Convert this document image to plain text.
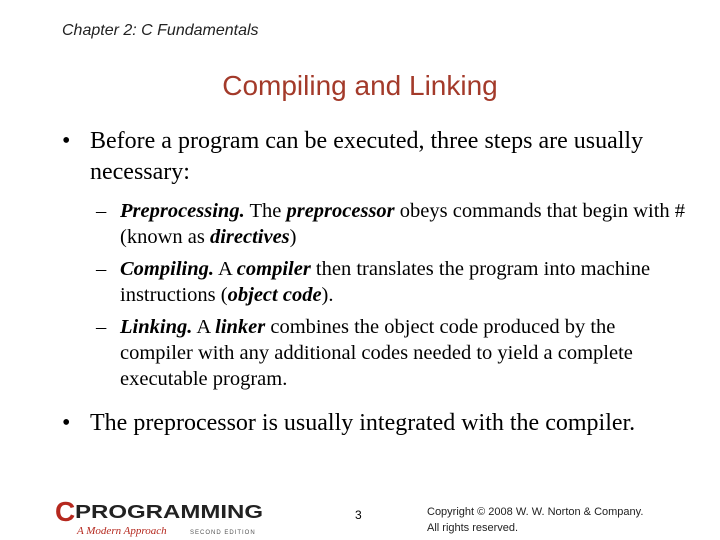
Chapter 2: C Fundamentals
Compiling and Linking
• Before a program can be executed, three steps are usually necessary:
– Preprocessing. The preprocessor obeys commands that begin with # (known as directives)
– Compiling. A compiler then translates the program into machine instructions (object code).
– Linking. A linker combines the object code produced by the compiler with any additional codes needed to yield a complete executable program.
• The preprocessor is usually integrated with the compiler.
C PROGRAMMING
A Modern Approach	SECOND EDITION
3	Copyright © 2008 W. W. Norton & Company.
All rights reserved.
